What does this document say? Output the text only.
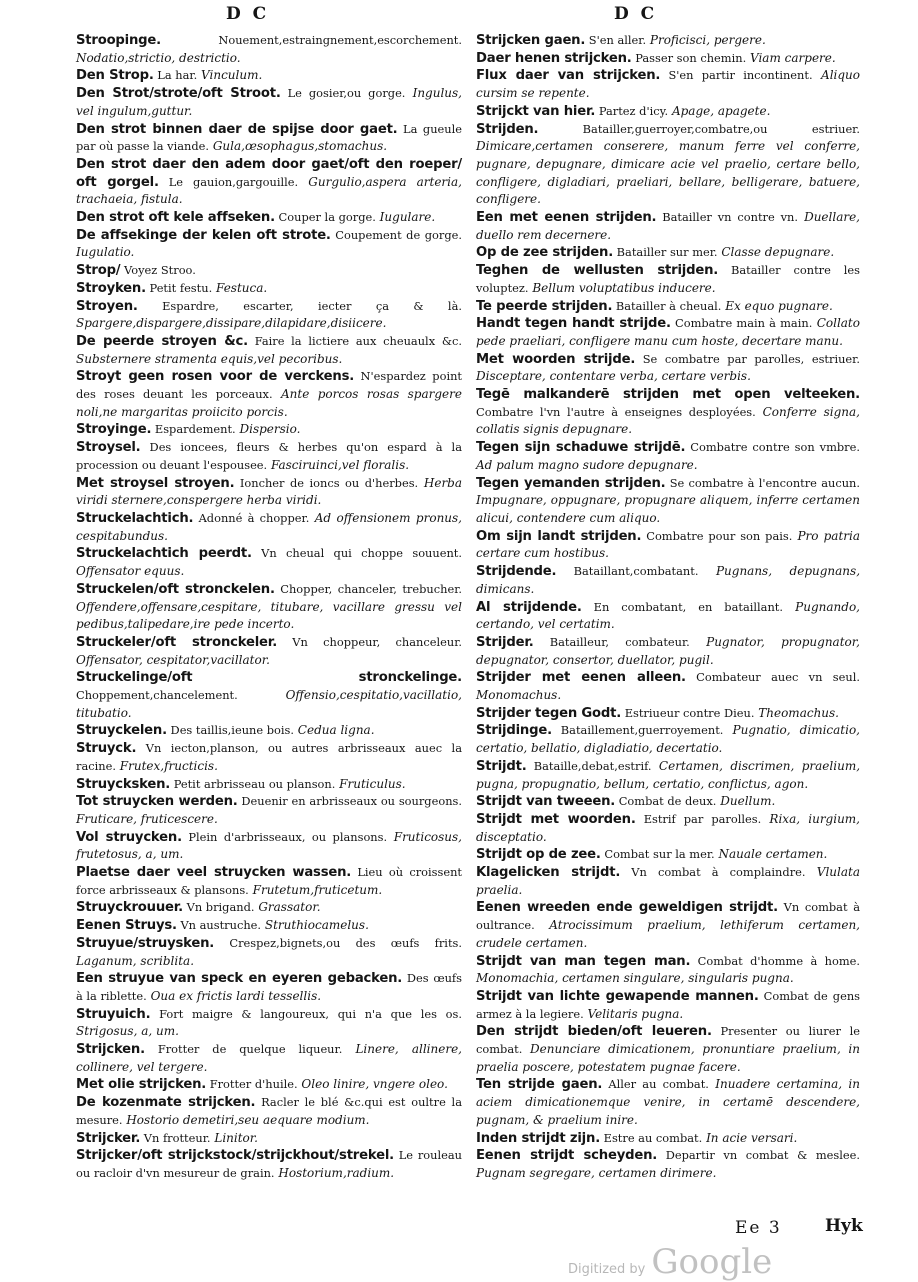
D C	D C

Stroopinge. Nouement,estraingnement,escorchement. Nodatio,strictio, destrictio.

Den Strop. La har. Vinculum.

Den Strot/strote/oft Stroot. Le gosier,ou gorge. Ingulus, vel ingulum,guttur.

Den strot binnen daer de spijse door gaet. La gueule par où passe la viande. Gula,œsophagus,stomachus.

Den strot daer den adem door gaet/oft den roeper/ oft gorgel. Le gauion,gargouille. Gurgulio,aspera arteria, trachaeia, fistula.

Den strot oft kele affseken. Couper la gorge. Iugulare.

De affsekinge der kelen oft strote. Coupement de gorge. Iugulatio.

Strop/ Voyez Stroo.

Stroyken. Petit festu. Festuca.

Stroyen. Espardre, escarter, iecter ça & là. Spargere,dispargere,dissipare,dilapidare,disiicere.

De peerde stroyen &c. Faire la lictiere aux cheuaulx &c. Substernere stramenta equis,vel pecoribus.

Stroyt geen rosen voor de verckens. N'espardez point des roses deuant les porceaux. Ante porcos rosas spargere noli,ne margaritas proiicito porcis.

Stroyinge. Espardement. Dispersio.

Stroysel. Des ioncees, fleurs & herbes qu'on espard à la procession ou deuant l'espousee. Fasciruinci,vel floralis.

Met stroysel stroyen. Ioncher de ioncs ou d'herbes. Herba viridi sternere,conspergere herba viridi.

Struckelachtich. Adonné à chopper. Ad offensionem pronus, cespitabundus.

Struckelachtich peerdt. Vn cheual qui choppe souuent. Offensator equus.

Struckelen/oft stronckelen. Chopper, chanceler, trebucher. Offendere,offensare,cespitare, titubare, vacillare gressu vel pedibus,talipedare,ire pede incerto.

Struckeler/oft stronckeler. Vn choppeur, chanceleur. Offensator, cespitator,vacillator.

Struckelinge/oft stronckelinge. Choppement,chancelement. Offensio,cespitatio,vacillatio, titubatio.

Struyckelen. Des taillis,ieune bois. Cedua ligna.

Struyck. Vn iecton,planson, ou autres arbrisseaux auec la racine. Frutex,fructicis.

Struycksken. Petit arbrisseau ou planson. Fruticulus.

Tot struycken werden. Deuenir en arbrisseaux ou sourgeons. Fruticare, fruticescere.

Vol struycken. Plein d'arbrisseaux, ou plansons. Fruticosus, frutetosus, a, um.

Plaetse daer veel struycken wassen. Lieu où croissent force arbrisseaux & plansons. Frutetum,fruticetum.

Struyckrouuer. Vn brigand. Grassator.

Eenen Struys. Vn austruche. Struthiocamelus.

Struyue/struysken. Crespez,bignets,ou des œufs frits. Laganum, scriblita.

Een struyue van speck en eyeren gebacken. Des œufs à la riblette. Oua ex frictis lardi tessellis.

Struyuich. Fort maigre & langoureux, qui n'a que les os. Strigosus, a, um.

Strijcken. Frotter de quelque liqueur. Linere, allinere, collinere, vel tergere.

Met olie strijcken. Frotter d'huile. Oleo linire, vngere oleo.

De kozenmate strijcken. Racler le blé &c.qui est oultre la mesure. Hostorio demetiri,seu aequare modium.

Strijcker. Vn frotteur. Linitor.

Strijcker/oft strijckstock/strijckhout/strekel. Le rouleau ou racloir d'vn mesureur de grain. Hostorium,radium.

Strijcken gaen. S'en aller. Proficisci, pergere.

Daer henen strijcken. Passer son chemin. Viam carpere.

Flux daer van strijcken. S'en partir incontinent. Aliquo cursim se repente.

Strijckt van hier. Partez d'icy. Apage, apagete.

Strijden. Batailler,guerroyer,combatre,ou estriuer. Dimicare,certamen conserere, manum ferre vel conferre, pugnare, depugnare, dimicare acie vel praelio, certare bello, confligere, digladiari, praeliari, bellare, belligerare, batuere, confligere.

Een met eenen strijden. Batailler vn contre vn. Duellare, duello rem decernere.

Op de zee strijden. Batailler sur mer. Classe depugnare.

Teghen de wellusten strijden. Batailler contre les voluptez. Bellum voluptatibus inducere.

Te peerde strijden. Batailler à cheual. Ex equo pugnare.

Handt tegen handt strijde. Combatre main à main. Collato pede praeliari, confligere manu cum hoste, decertare manu.

Met woorden strijde. Se combatre par parolles, estriuer. Disceptare, contentare verba, certare verbis.

Tegē malkanderē strijden met open velteeken. Combatre l'vn l'autre à enseignes desployées. Conferre signa, collatis signis depugnare.

Tegen sijn schaduwe strijdē. Combatre contre son vmbre. Ad palum magno sudore depugnare.

Tegen yemanden strijden. Se combatre à l'encontre aucun. Impugnare, oppugnare, propugnare aliquem, inferre certamen alicui, contendere cum aliquo.

Om sijn landt strijden. Combatre pour son pais. Pro patria certare cum hostibus.

Strijdende. Bataillant,combatant. Pugnans, depugnans, dimicans.

Al strijdende. En combatant, en bataillant. Pugnando, certando, vel certatim.

Strijder. Batailleur, combateur. Pugnator, propugnator, depugnator, consertor, duellator, pugil.

Strijder met eenen alleen. Combateur auec vn seul. Monomachus.

Strijder tegen Godt. Estriueur contre Dieu. Theomachus.

Strijdinge. Bataillement,guerroyement. Pugnatio, dimicatio, certatio, bellatio, digladiatio, decertatio.

Strijdt. Bataille,debat,estrif. Certamen, discrimen, praelium, pugna, propugnatio, bellum, certatio, conflictus, agon.

Strijdt van tweeen. Combat de deux. Duellum.

Strijdt met woorden. Estrif par parolles. Rixa, iurgium, disceptatio.

Strijdt op de zee. Combat sur la mer. Nauale certamen.

Klagelicken strijdt. Vn combat à complaindre. Vlulata praelia.

Eenen wreeden ende geweldigen strijdt. Vn combat à oultrance. Atrocissimum praelium, lethiferum certamen, crudele certamen.

Strijdt van man tegen man. Combat d'homme à home. Monomachia, certamen singulare, singularis pugna.

Strijdt van lichte gewapende mannen. Combat de gens armez à la legiere. Velitaris pugna.

Den strijdt bieden/oft leueren. Presenter ou liurer le combat. Denunciare dimicationem, pronuntiare praelium, in praelia poscere, potestatem pugnae facere.

Ten strijde gaen. Aller au combat. Inuadere certamina, in aciem dimicationemque venire, in certamē descendere, pugnam, & praelium inire.

Inden strijdt zijn. Estre au combat. In acie versari.

Eenen strijdt scheyden. Departir vn combat & meslee. Pugnam segregare, certamen dirimere.

Ee 3	Hyk
Digitized by Google
